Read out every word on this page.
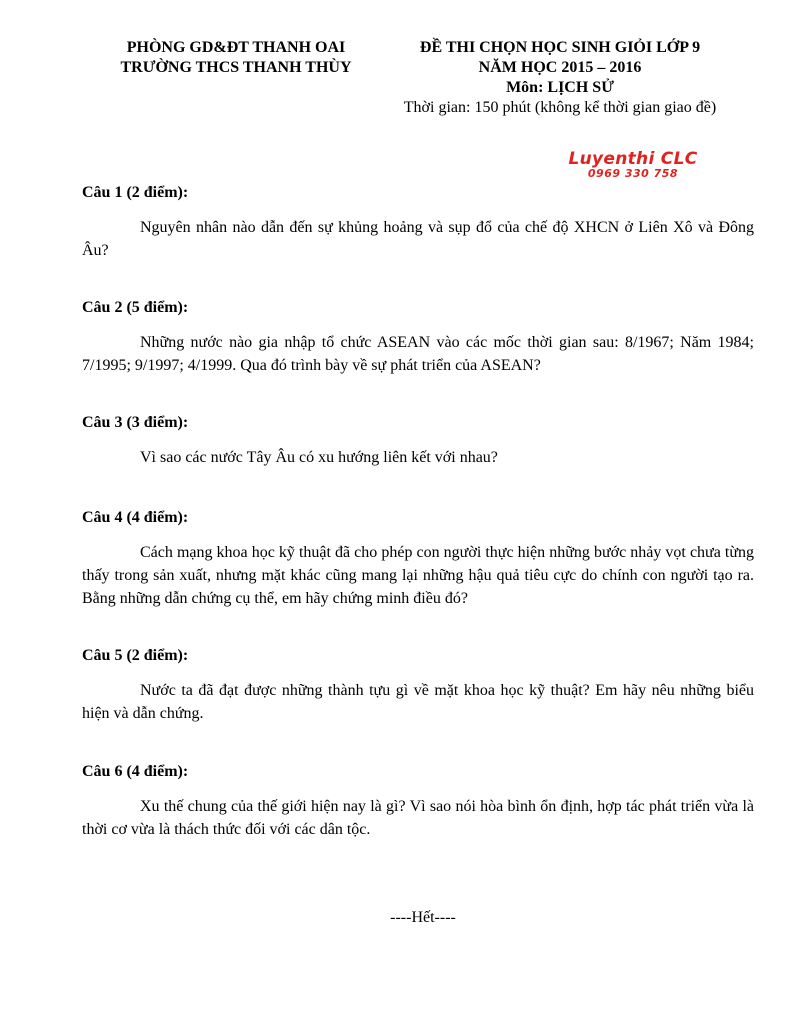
PHÒNG GD&ĐT THANH OAI
TRƯỜNG THCS THANH THÙY
ĐỀ THI CHỌN HỌC SINH GIỎI LỚP 9
NĂM HỌC 2015 – 2016
Môn: LỊCH SỬ
Thời gian: 150 phút (không kể thời gian giao đề)
Luyenthi CLC
0969 330 758
Câu 1 (2 điểm):
Nguyên nhân nào dẫn đến sự khủng hoảng và sụp đổ của chế độ XHCN ở Liên Xô và Đông Âu?
Câu 2 (5 điểm):
Những nước nào gia nhập tổ chức ASEAN vào các mốc thời gian sau: 8/1967; Năm 1984; 7/1995; 9/1997; 4/1999. Qua đó trình bày về sự phát triển của ASEAN?
Câu 3 (3 điểm):
Vì sao các nước Tây Âu có xu hướng liên kết với nhau?
Câu 4 (4 điểm):
Cách mạng khoa học kỹ thuật đã cho phép con người thực hiện những bước nhảy vọt chưa từng thấy trong sản xuất, nhưng mặt khác cũng mang lại những hậu quả tiêu cực do chính con người tạo ra. Bằng những dẫn chứng cụ thể, em hãy chứng minh điều đó?
Câu 5 (2 điểm):
Nước ta đã đạt được những thành tựu gì về mặt khoa học kỹ thuật? Em hãy nêu những biểu hiện và dẫn chứng.
Câu 6 (4 điểm):
Xu thế chung của thế giới hiện nay là gì? Vì sao nói hòa bình ổn định, hợp tác phát triển vừa là thời cơ vừa là thách thức đối với các dân tộc.
----Hết----
